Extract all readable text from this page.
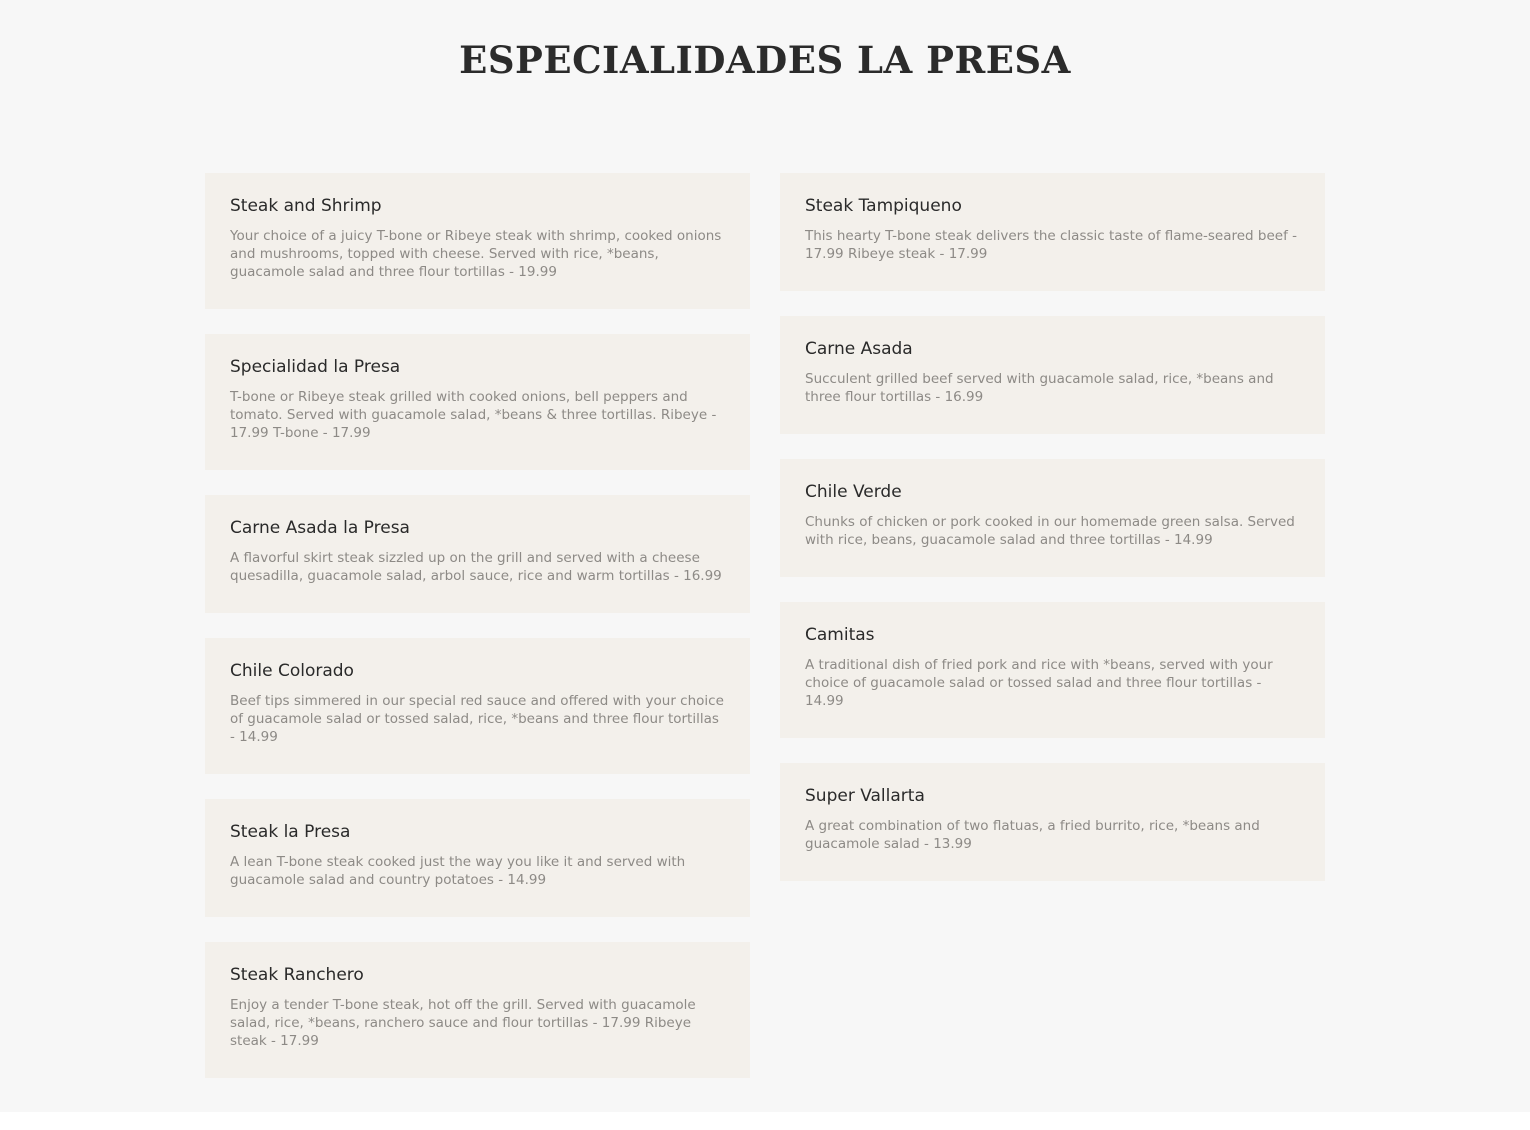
ESPECIALIDADES LA PRESA
Steak and Shrimp

Your choice of a juicy T-bone or Ribeye steak with shrimp, cooked onions and mushrooms, topped with cheese. Served with rice, *beans, guacamole salad and three flour tortillas - 19.99

Specialidad la Presa

T-bone or Ribeye steak grilled with cooked onions, bell peppers and tomato. Served with guacamole salad, *beans & three tortillas. Ribeye - 17.99 T-bone - 17.99

Carne Asada la Presa

A flavorful skirt steak sizzled up on the grill and served with a cheese quesadilla, guacamole salad, arbol sauce, rice and warm tortillas - 16.99

Chile Colorado

Beef tips simmered in our special red sauce and offered with your choice of guacamole salad or tossed salad, rice, *beans and three flour tortillas - 14.99

Steak la Presa

A lean T-bone steak cooked just the way you like it and served with guacamole salad and country potatoes - 14.99

Steak Ranchero

Enjoy a tender T-bone steak, hot off the grill. Served with guacamole salad, rice, *beans, ranchero sauce and flour tortillas - 17.99 Ribeye steak - 17.99

Steak Tampiqueno

This hearty T-bone steak delivers the classic taste of flame-seared beef - 17.99 Ribeye steak - 17.99

Carne Asada

Succulent grilled beef served with guacamole salad, rice, *beans and three flour tortillas - 16.99

Chile Verde

Chunks of chicken or pork cooked in our homemade green salsa. Served with rice, beans, guacamole salad and three tortillas - 14.99

Camitas

A traditional dish of fried pork and rice with *beans, served with your choice of guacamole salad or tossed salad and three flour tortillas - 14.99

Super Vallarta

A great combination of two flatuas, a fried burrito, rice, *beans and guacamole salad - 13.99
